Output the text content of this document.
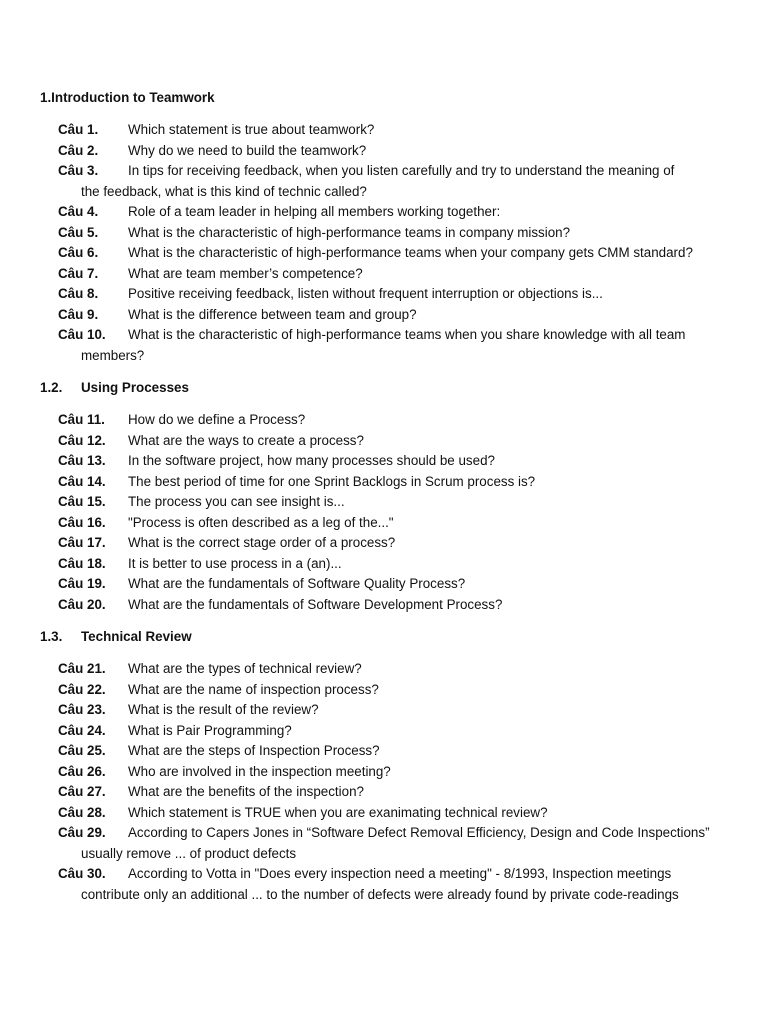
1.Introduction to Teamwork
Câu 1.	Which statement is true about teamwork?
Câu 2.	Why do we need to build the teamwork?
Câu 3.	In tips for receiving feedback, when you listen carefully and try to understand the meaning of
the feedback, what is this kind of technic called?
Câu 4.	Role of a team leader in helping all members working together:
Câu 5.	What is the characteristic of high-performance teams in company mission?
Câu 6.	What is the characteristic of high-performance teams when your company gets CMM standard?
Câu 7.	What are team member’s competence?
Câu 8.	Positive receiving feedback, listen without frequent interruption or objections is...
Câu 9.	What is the difference between team and group?
Câu 10.	What is the characteristic of high-performance teams when you share knowledge with all team
members?
1.2. Using Processes
Câu 11.	How do we define a Process?
Câu 12.	What are the ways to create a process?
Câu 13.	In the software project, how many processes should be used?
Câu 14.	The best period of time for one Sprint Backlogs in Scrum process is?
Câu 15.	The process you can see insight is...
Câu 16.	"Process is often described as a leg of the..."
Câu 17.	What is the correct stage order of a process?
Câu 18.	It is better to use process in a (an)...
Câu 19.	What are the fundamentals of Software Quality Process?
Câu 20.	What are the fundamentals of Software Development Process?
1.3. Technical Review
Câu 21.	What are the types of technical review?
Câu 22.	What are the name of inspection process?
Câu 23.	What is the result of the review?
Câu 24.	What is Pair Programming?
Câu 25.	What are the steps of Inspection Process?
Câu 26.	Who are involved in the inspection meeting?
Câu 27.	What are the benefits of the inspection?
Câu 28.	Which statement is TRUE when you are exanimating technical review?
Câu 29.	According to Capers Jones in “Software Defect Removal Efficiency, Design and Code Inspections”
usually remove ... of product defects
Câu 30.	According to Votta in "Does every inspection need a meeting" - 8/1993, Inspection meetings
contribute only an additional ... to the number of defects were already found by private code-readings
